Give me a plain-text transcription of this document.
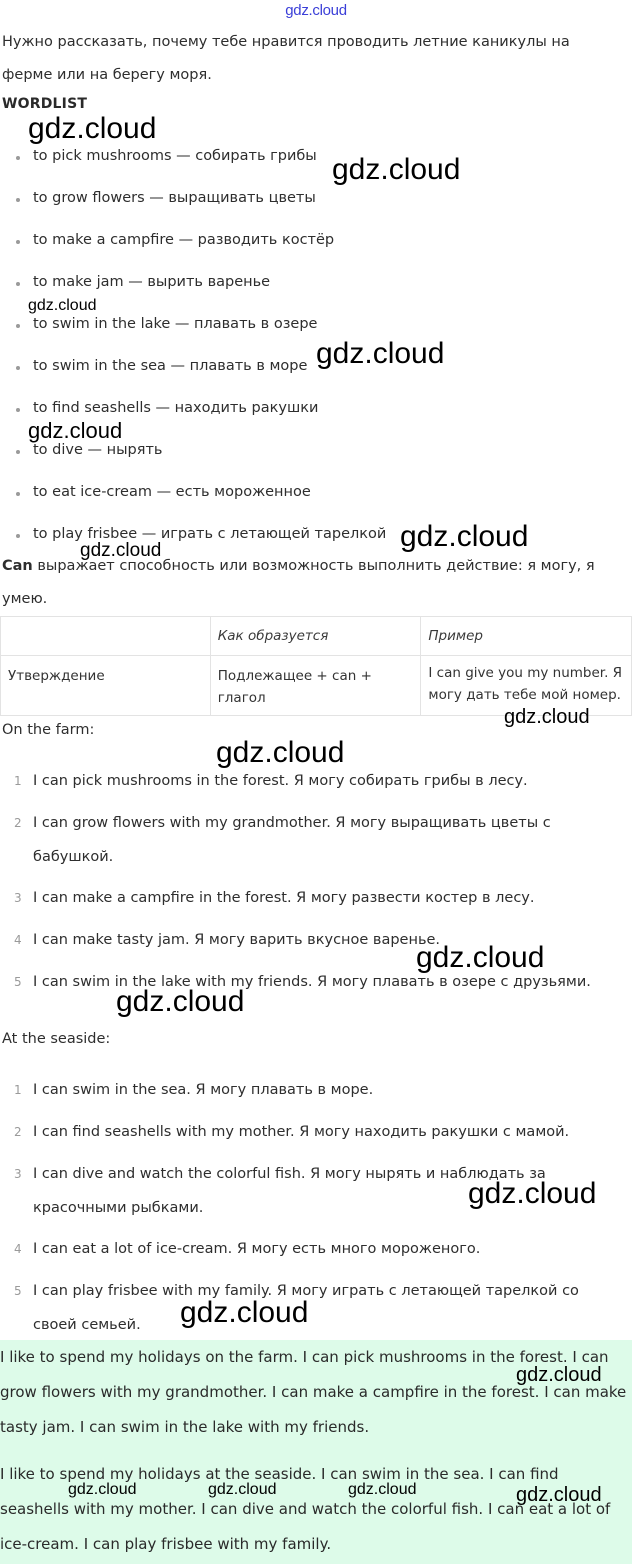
gdz.cloud

Нужно рассказать, почему тебе нравится проводить летние каникулы на ферме или на берегу моря.

WORDLIST
to pick mushrooms — собирать грибы
to grow flowers — выращивать цветы
to make a campfire — разводить костёр
to make jam — вырить варенье
to swim in the lake — плавать в озере
to swim in the sea — плавать в море
to find seashells — находить ракушки
to dive — нырять
to eat ice-cream — есть мороженное
to play frisbee — играть с летающей тарелкой

Can выражает способность или возможность выполнить действие: я могу, я умею.

	Как образуется	Пример
Утверждение	Подлежащее + can + глагол	I can give you my number. Я могу дать тебе мой номер.
On the farm:
1 I can pick mushrooms in the forest. Я могу собирать грибы в лесу.
2 I can grow flowers with my grandmother. Я могу выращивать цветы с бабушкой.
3 I can make a campfire in the forest. Я могу развести костер в лесу.
4 I can make tasty jam. Я могу варить вкусное варенье.
5 I can swim in the lake with my friends. Я могу плавать в озере с друзьями.
At the seaside:
1 I can swim in the sea. Я могу плавать в море.
2 I can find seashells with my mother. Я могу находить ракушки с мамой.
3 I can dive and watch the colorful fish. Я могу нырять и наблюдать за красочными рыбками.
4 I can eat a lot of ice-cream. Я могу есть много мороженого.
5 I can play frisbee with my family. Я могу играть с летающей тарелкой со своей семьей.

I like to spend my holidays on the farm. I can pick mushrooms in the forest. I can grow flowers with my grandmother. I can make a campfire in the forest. I can make tasty jam. I can swim in the lake with my friends.

I like to spend my holidays at the seaside. I can swim in the sea. I can find seashells with my mother. I can dive and watch the colorful fish. I can eat a lot of ice-cream. I can play frisbee with my family.

gdz.cloud
gdz.cloud
gdz.cloud
gdz.cloud
gdz.cloud
gdz.cloud
gdz.cloud
gdz.cloud
gdz.cloud
gdz.cloud
gdz.cloud
gdz.cloud
gdz.cloud
gdz.cloud
gdz.cloud	gdz.cloud	gdz.cloud	gdz.cloud
